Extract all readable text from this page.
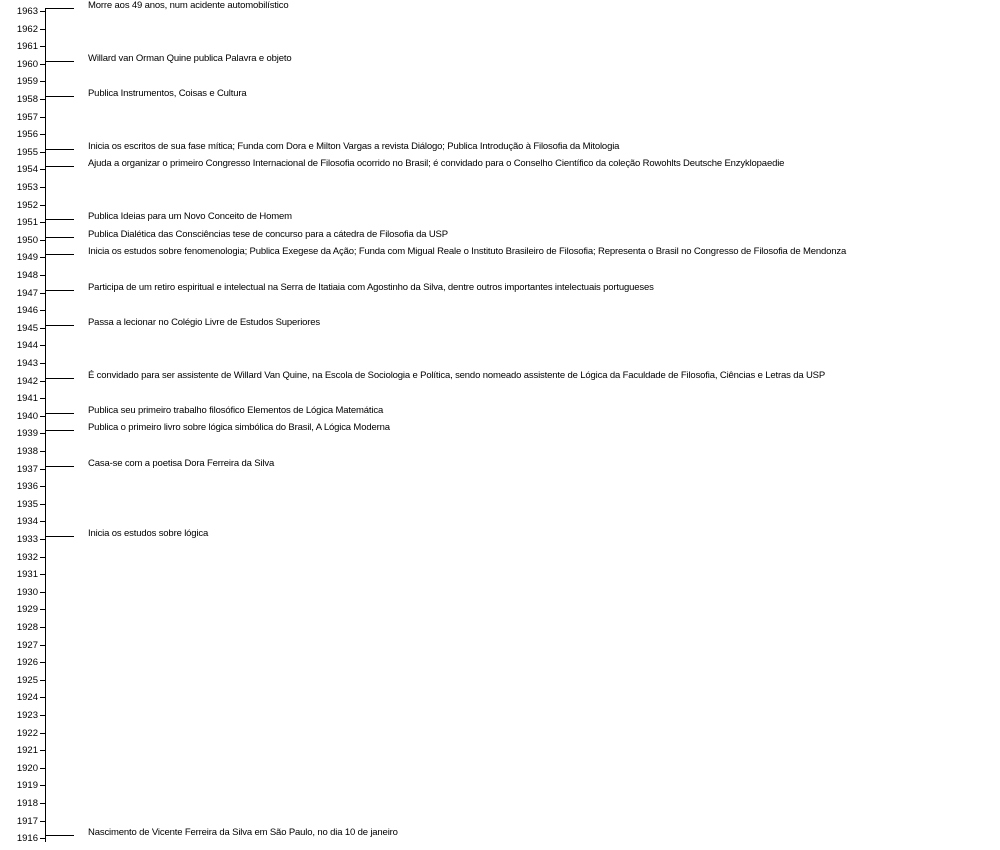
1963
1962
1961
1960
1959
1958
1957
1956
1955
1954
1953
1952
1951
1950
1949
1948
1947
1946
1945
1944
1943
1942
1941
1940
1939
1938
1937
1936
1935
1934
1933
1932
1931
1930
1929
1928
1927
1926
1925
1924
1923
1922
1921
1920
1919
1918
1917
1916
Morre aos 49 anos, num acidente automobilístico
Willard van Orman Quine publica Palavra e objeto
Publica Instrumentos, Coisas e Cultura
Inicia os escritos de sua fase mítica; Funda com Dora e Milton Vargas a revista Diálogo; Publica Introdução à Filosofia da Mitologia
Ajuda a organizar o primeiro Congresso Internacional de Filosofia ocorrido no Brasil; é convidado para o Conselho Científico da coleção Rowohlts Deutsche Enzyklopaedie
Publica Ideias para um Novo Conceito de Homem
Publica Dialética das Consciências tese de concurso para a cátedra de Filosofia da USP
Inicia os estudos sobre fenomenologia; Publica Exegese da Ação; Funda com Migual Reale o Instituto Brasileiro de Filosofia; Representa o Brasil no Congresso de Filosofia de Mendonza
Participa de um retiro espiritual e intelectual na Serra de Itatiaia com Agostinho da Silva, dentre outros importantes intelectuais portugueses
Passa a lecionar no Colégio Livre de Estudos Superiores
É convidado para ser assistente de Willard Van Quine, na Escola de Sociologia e Política, sendo nomeado assistente de Lógica da Faculdade de Filosofia, Ciências e Letras da USP
Publica seu primeiro trabalho filosófico Elementos de Lógica Matemática
Publica o primeiro livro sobre lógica simbólica do Brasil, A Lógica Moderna
Casa-se com a poetisa Dora Ferreira da Silva
Inicia os estudos sobre lógica
Nascimento de Vicente Ferreira da Silva em São Paulo, no dia 10 de janeiro
